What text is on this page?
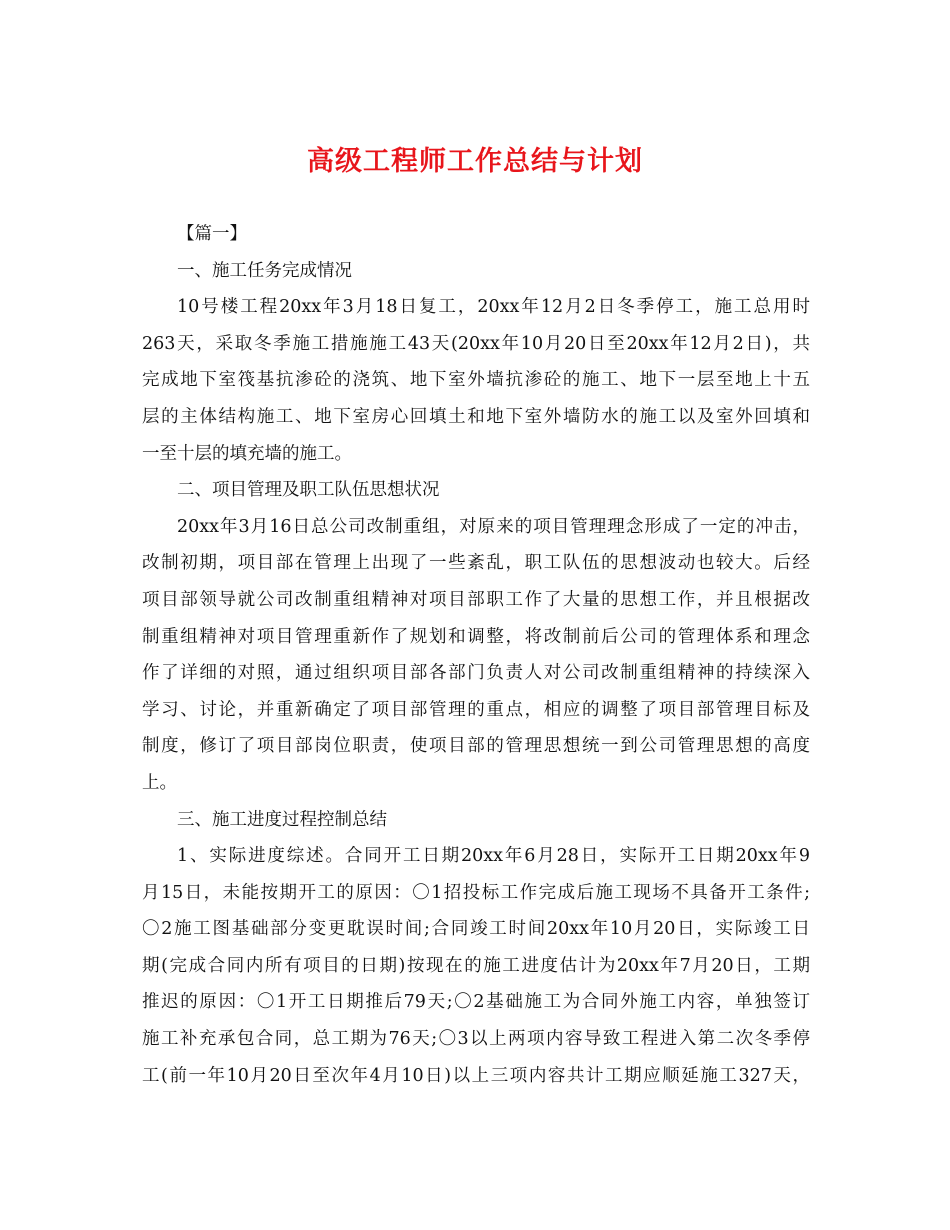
高级工程师工作总结与计划
【篇一】
一、施工任务完成情况
10号楼工程20xx年3月18日复工，20xx年12月2日冬季停工，施工总用时
263天，采取冬季施工措施施工43天(20xx年10月20日至20xx年12月2日)，共
完成地下室筏基抗渗砼的浇筑、地下室外墙抗渗砼的施工、地下一层至地上十五
层的主体结构施工、地下室房心回填土和地下室外墙防水的施工以及室外回填和
一至十层的填充墙的施工。
二、项目管理及职工队伍思想状况
20xx年3月16日总公司改制重组，对原来的项目管理理念形成了一定的冲击，
改制初期，项目部在管理上出现了一些紊乱，职工队伍的思想波动也较大。后经
项目部领导就公司改制重组精神对项目部职工作了大量的思想工作，并且根据改
制重组精神对项目管理重新作了规划和调整，将改制前后公司的管理体系和理念
作了详细的对照，通过组织项目部各部门负责人对公司改制重组精神的持续深入
学习、讨论，并重新确定了项目部管理的重点，相应的调整了项目部管理目标及
制度，修订了项目部岗位职责，使项目部的管理思想统一到公司管理思想的高度
上。
三、施工进度过程控制总结
1、实际进度综述。合同开工日期20xx年6月28日，实际开工日期20xx年9
月15日，未能按期开工的原因：〇1招投标工作完成后施工现场不具备开工条件;
〇2施工图基础部分变更耽误时间;合同竣工时间20xx年10月20日，实际竣工日
期(完成合同内所有项目的日期)按现在的施工进度估计为20xx年7月20日，工期
推迟的原因：〇1开工日期推后79天;〇2基础施工为合同外施工内容，单独签订
施工补充承包合同，总工期为76天;〇3以上两项内容导致工程进入第二次冬季停
工(前一年10月20日至次年4月10日)以上三项内容共计工期应顺延施工327天，
